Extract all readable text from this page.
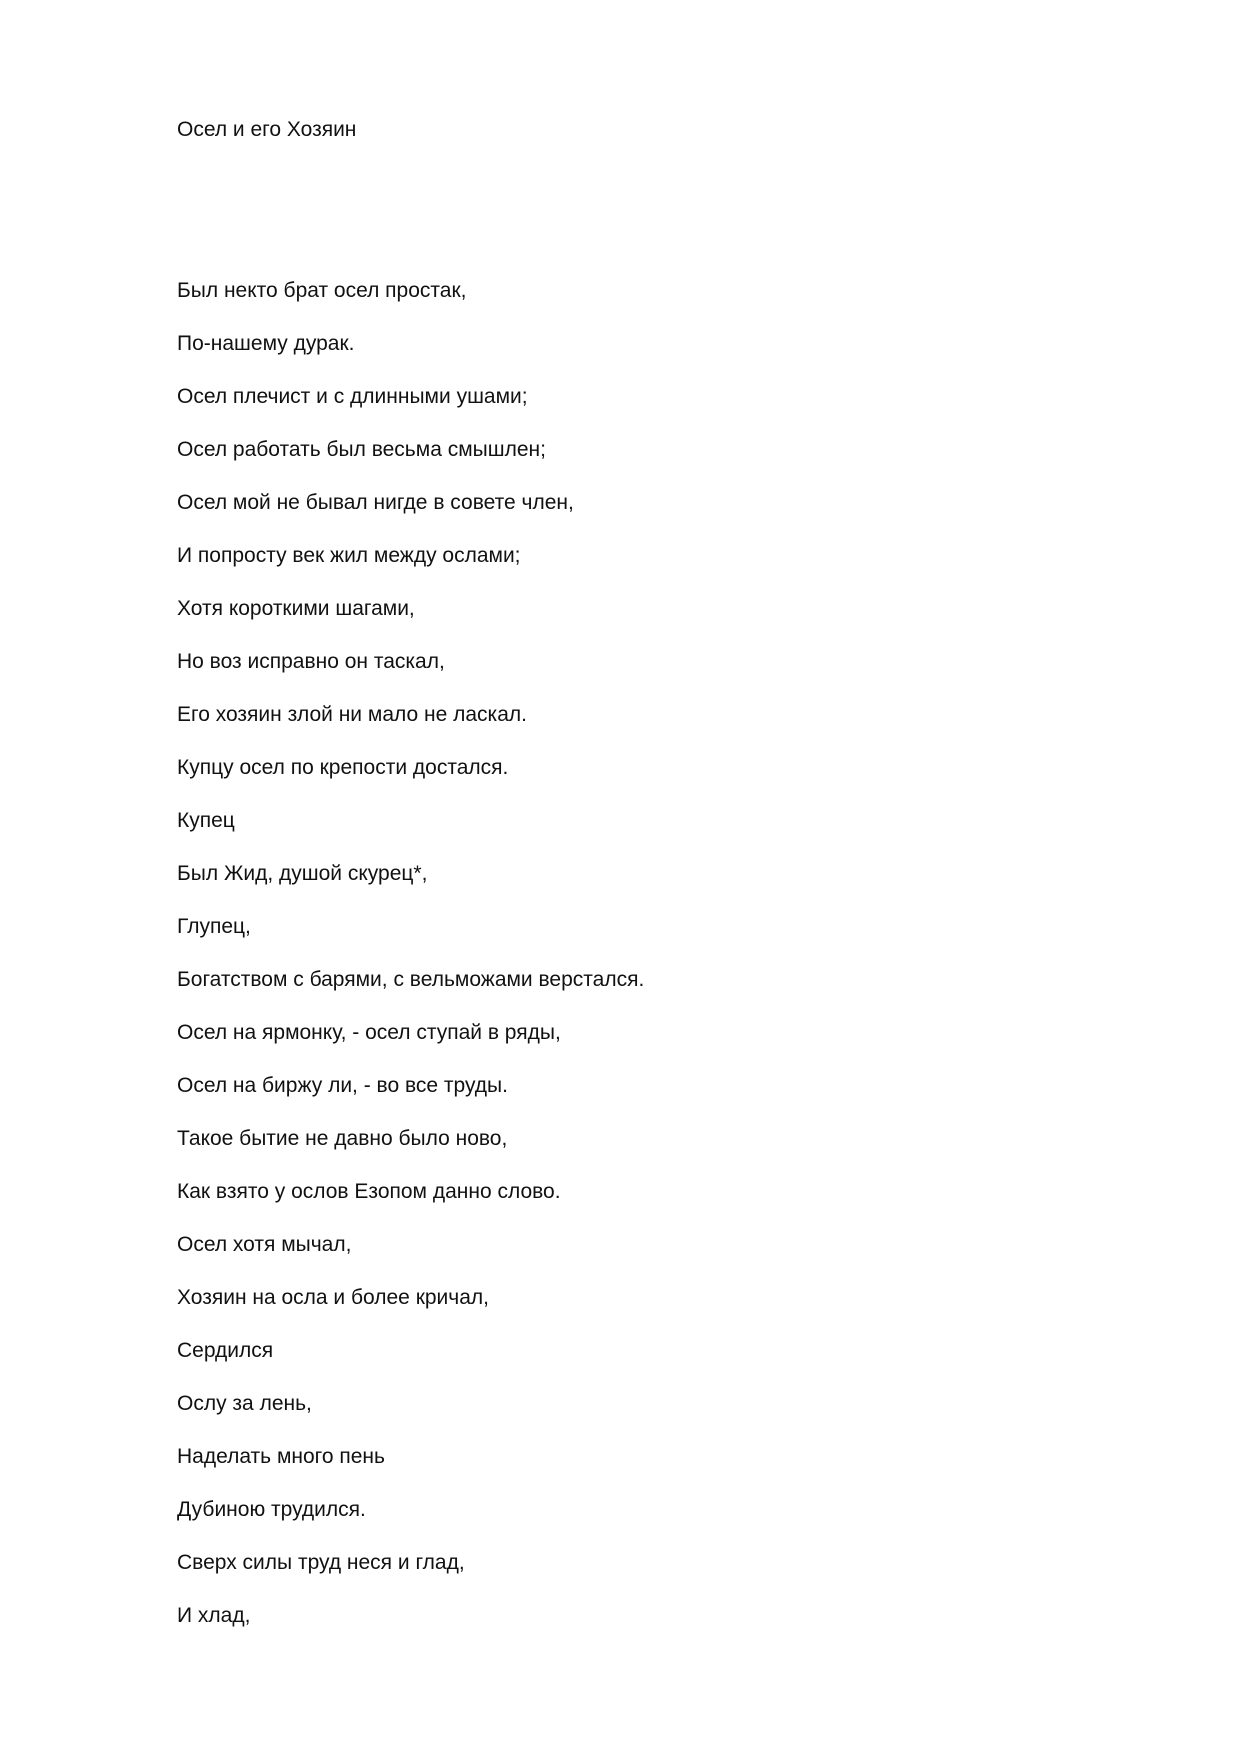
Осел и его Хозяин
Был некто брат осел простак,
По-нашему дурак.
Осел плечист и с длинными ушами;
Осел работать был весьма смышлен;
Осел мой не бывал нигде в совете член,
И попросту век жил между ослами;
Хотя короткими шагами,
Но воз исправно он таскал,
Его хозяин злой ни мало не ласкал.
Купцу осел по крепости достался.
Купец
Был Жид, душой скурец*,
Глупец,
Богатством с барями, с вельможами верстался.
Осел на ярмонку, - осел ступай в ряды,
Осел на биржу ли, - во все труды.
Такое бытие не давно было ново,
Как взято у ослов Езопом данно слово.
Осел хотя мычал,
Хозяин на осла и более кричал,
Сердился
Ослу за лень,
Наделать много пень
Дубиною трудился.
Сверх силы труд неся и глад,
И хлад,
